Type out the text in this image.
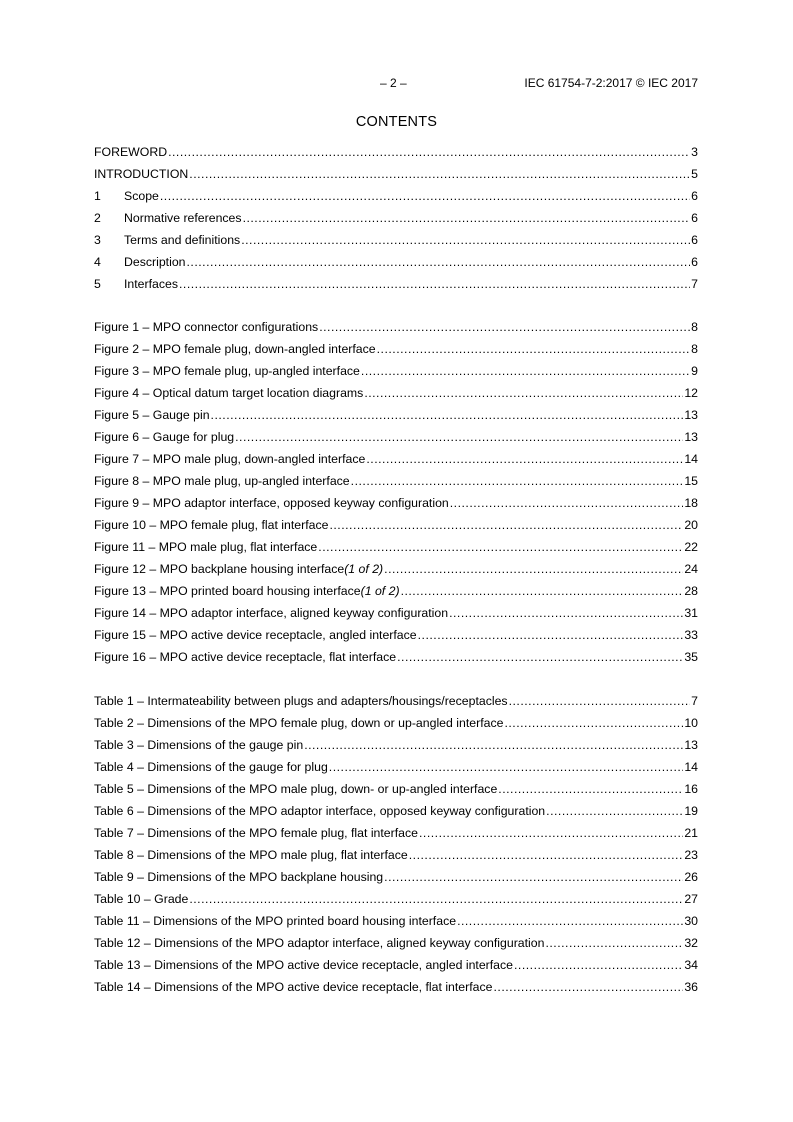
– 2 –	IEC 61754-7-2:2017 © IEC 2017
CONTENTS
FOREWORD .....	3
INTRODUCTION .....	5
1	Scope .....	6
2	Normative references .....	6
3	Terms and definitions .....	6
4	Description .....	6
5	Interfaces .....	7
Figure 1 – MPO connector configurations .....	8
Figure 2 – MPO female plug, down-angled interface .....	8
Figure 3 – MPO female plug, up-angled interface .....	9
Figure 4 – Optical datum target location diagrams .....	12
Figure 5 – Gauge pin .....	13
Figure 6 – Gauge for plug .....	13
Figure 7 – MPO male plug, down-angled interface .....	14
Figure 8 – MPO male plug, up-angled interface .....	15
Figure 9 – MPO adaptor interface, opposed keyway configuration .....	18
Figure 10 – MPO female plug, flat interface .....	20
Figure 11 – MPO male plug, flat interface .....	22
Figure 12 – MPO backplane housing interface (1 of 2) .....	24
Figure 13 – MPO printed board housing interface (1 of 2) .....	28
Figure 14 – MPO adaptor interface, aligned keyway configuration .....	31
Figure 15 – MPO active device receptacle, angled interface .....	33
Figure 16 – MPO active device receptacle, flat interface .....	35
Table 1 – Intermateability between plugs and adapters/housings/receptacles .....	7
Table 2 – Dimensions of the MPO female plug, down or up-angled interface .....	10
Table 3 – Dimensions of the gauge pin .....	13
Table 4 – Dimensions of the gauge for plug .....	14
Table 5 – Dimensions of the MPO male plug, down- or up-angled interface .....	16
Table 6 – Dimensions of the MPO adaptor interface, opposed keyway configuration .....	19
Table 7 – Dimensions of the MPO female plug, flat interface .....	21
Table 8 – Dimensions of the MPO male plug, flat interface .....	23
Table 9 – Dimensions of the MPO backplane housing .....	26
Table 10 – Grade .....	27
Table 11 – Dimensions of the MPO printed board housing interface .....	30
Table 12 – Dimensions of the MPO adaptor interface, aligned keyway configuration .....	32
Table 13 – Dimensions of the MPO active device receptacle, angled interface .....	34
Table 14 – Dimensions of the MPO active device receptacle, flat interface .....	36
